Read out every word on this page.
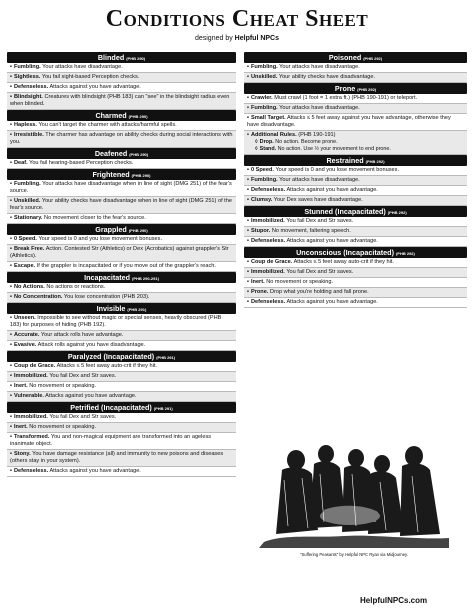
Conditions Cheat Sheet
designed by Helpful NPCs
Blinded (PHB 290)
• Fumbling. Your attacks have disadvantage.
• Sightless. You fail sight-based Perception checks.
• Defenseless. Attacks against you have advantage.
• Blindsight. Creatures with blindsight (PHB 183) can "see" in the blindsight radius even when blinded.
Charmed (PHB 290)
• Hapless. You can't target the charmer with attacks/harmful spells.
• Irresistible. The charmer has advantage on ability checks during social interactions with you.
Deafened (PHB 290)
• Deaf. You fail hearing-based Perception checks.
Frightened (PHB 290)
• Fumbling. Your attacks have disadvantage when in line of sight (DMG 251) of the fear's source.
• Unskilled. Your ability checks have disadvantage when in line of sight (DMG 251) of the fear's source.
• Stationary. No movement closer to the fear's source.
Grappled (PHB 290)
• 0 Speed. Your speed is 0 and you lose movement bonuses.
• Break Free. Action. Contested Str (Athletics) or Dex (Acrobatics) against grappler's Str (Athletics).
• Escape. If the grappler is incapacitated or if you move out of the grappler's reach.
Incapacitated (PHB 290-291)
• No Actions. No actions or reactions.
• No Concentration. You lose concentration (PHB 203).
Invisible (PHB 291)
• Unseen. Impossible to see without magic or special senses, heavily obscured (PHB 183) for purposes of hiding (PHB 192).
• Accurate. Your attack rolls have advantage.
• Evasive. Attack rolls against you have disadvantage.
Paralyzed (Incapacitated) (PHB 291)
• Coup de Grace. Attacks ≤ 5 feet away auto-crit if they hit.
• Immobilized. You fail Dex and Str saves.
• Inert. No movement or speaking.
• Vulnerable. Attacks against you have advantage.
Petrified (Incapacitated) (PHB 291)
• Immobilized. You fail Dex and Str saves.
• Inert. No movement or speaking.
• Transformed. You and non-magical equipment are transformed into an ageless inanimate object.
• Stony. You have damage resistance (all) and immunity to new poisons and diseases (others stay in your system).
• Defenseless. Attacks against you have advantage.
Poisoned (PHB 292)
• Fumbling. Your attacks have disadvantage.
• Unskilled. Your ability checks have disadvantage.
Prone (PHB 292)
• Crawler. Must crawl (1 foot = 1 extra ft.) (PHB 190-191) or teleport.
• Fumbling. Your attacks have disadvantage.
• Small Target. Attacks ≤ 5 feet away against you have advantage, otherwise they have disadvantage.
• Additional Rules. (PHB 190-191)
◊ Drop. No action. Become prone.
◊ Stand. No action. Use ½ your movement to end prone.
Restrained (PHB 292)
• 0 Speed. Your speed is 0 and you lose movement bonuses.
• Fumbling. Your attacks have disadvantage.
• Defenseless. Attacks against you have advantage.
• Clumsy. Your Dex saves have disadvantage.
Stunned (Incapacitated) (PHB 292)
• Immobilized. You fail Dex and Str saves.
• Stupor. No movement, faltering speech.
• Defenseless. Attacks against you have advantage.
Unconscious (Incapacitated) (PHB 292)
• Coup de Grace. Attacks ≤ 5 feet away auto-crit if they hit.
• Immobilized. You fail Dex and Str saves.
• Inert. No movement or speaking.
• Prone. Drop what you're holding and fall prone.
• Defenseless. Attacks against you have advantage.
"Suffering Peasants" by Helpful NPC Ryan via Midjourney.
HelpfulNPCs.com
